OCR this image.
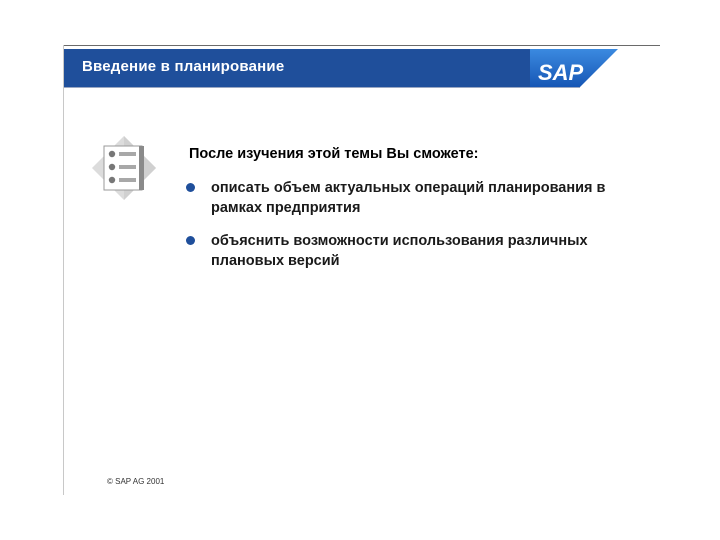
Введение в планирование	SAP
После изучения этой темы Вы сможете:
описать объем актуальных операций планирования в рамках предприятия
объяснить возможности использования различных плановых версий
© SAP AG 2001
